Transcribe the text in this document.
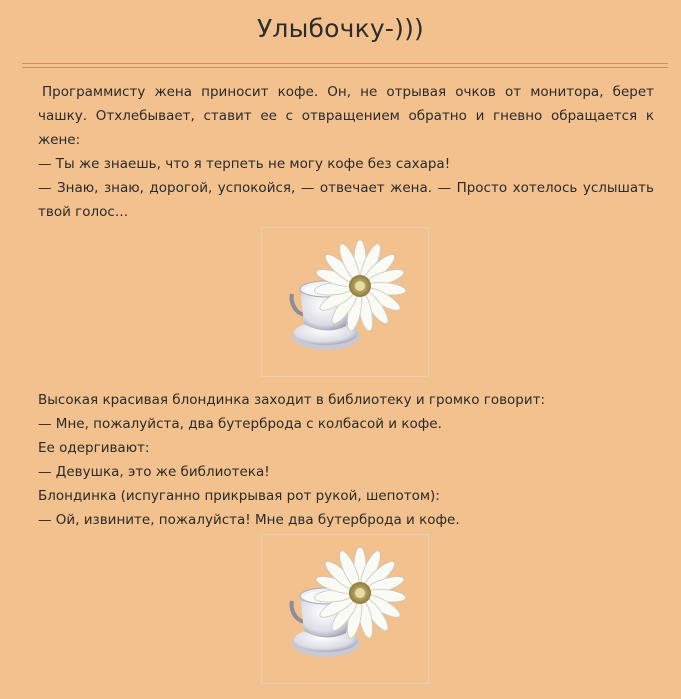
Улыбочку-)))

Программисту жена приносит кофе. Он, не отрывая очков от монитора, берет чашку. Отхлебывает, ставит ее с отвращением обратно и гневно обращается к жене:

— Ты же знаешь, что я терпеть не могу кофе без сахара!

— Знаю, знаю, дорогой, успокойся, — отвечает жена. — Просто хотелось услышать твой голос…

Высокая красивая блондинка заходит в библиотеку и громко говорит:

— Мне, пожалуйста, два бутерброда с колбасой и кофе.

Ее одергивают:

— Девушка, это же библиотека!

Блондинка (испуганно прикрывая рот рукой, шепотом):

— Ой, извините, пожалуйста! Мне два бутерброда и кофе.
